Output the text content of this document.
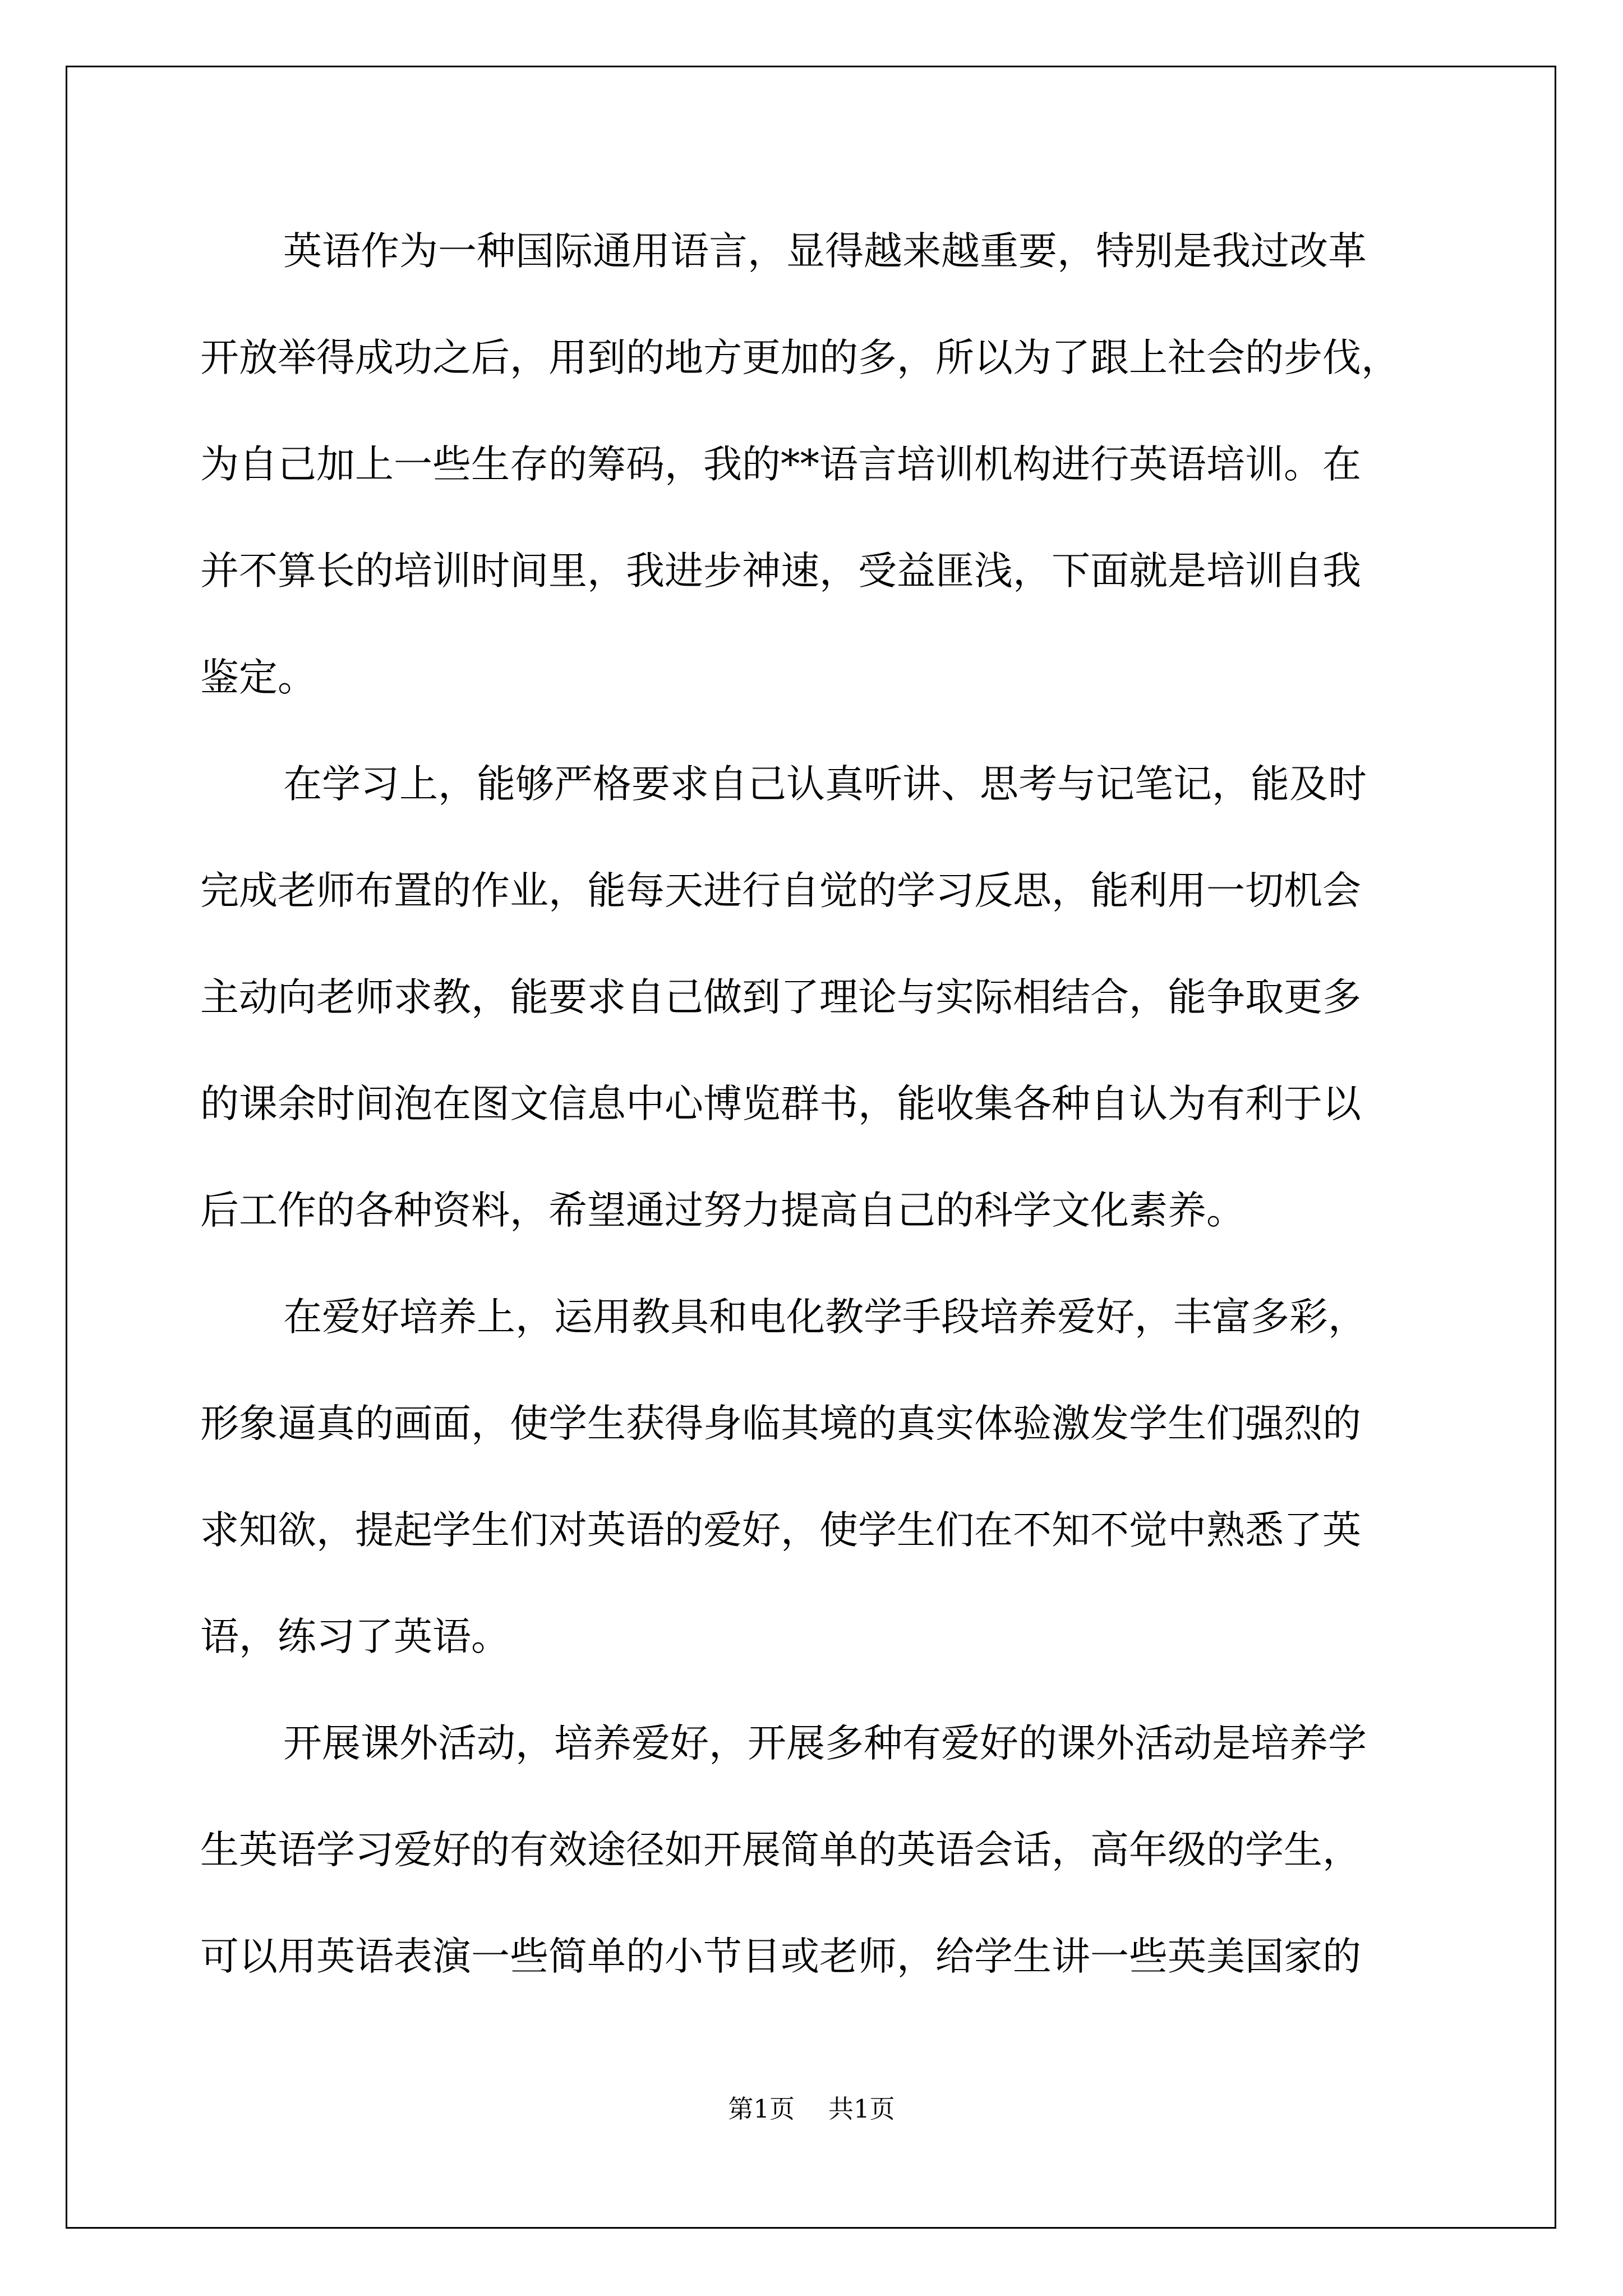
英语作为一种国际通用语言，显得越来越重要，特别是我过改革
开放举得成功之后，用到的地方更加的多，所以为了跟上社会的步伐，
为自己加上一些生存的筹码，我的**语言培训机构进行英语培训。在
并不算长的培训时间里，我进步神速，受益匪浅，下面就是培训自我
鉴定。
在学习上，能够严格要求自己认真听讲、思考与记笔记，能及时
完成老师布置的作业，能每天进行自觉的学习反思，能利用一切机会
主动向老师求教，能要求自己做到了理论与实际相结合，能争取更多
的课余时间泡在图文信息中心博览群书，能收集各种自认为有利于以
后工作的各种资料，希望通过努力提高自己的科学文化素养。
在爱好培养上，运用教具和电化教学手段培养爱好，丰富多彩，
形象逼真的画面，使学生获得身临其境的真实体验激发学生们强烈的
求知欲，提起学生们对英语的爱好，使学生们在不知不觉中熟悉了英
语，练习了英语。
开展课外活动，培养爱好，开展多种有爱好的课外活动是培养学
生英语学习爱好的有效途径如开展简单的英语会话，高年级的学生，
可以用英语表演一些简单的小节目或老师，给学生讲一些英美国家的
第1页 共1页
